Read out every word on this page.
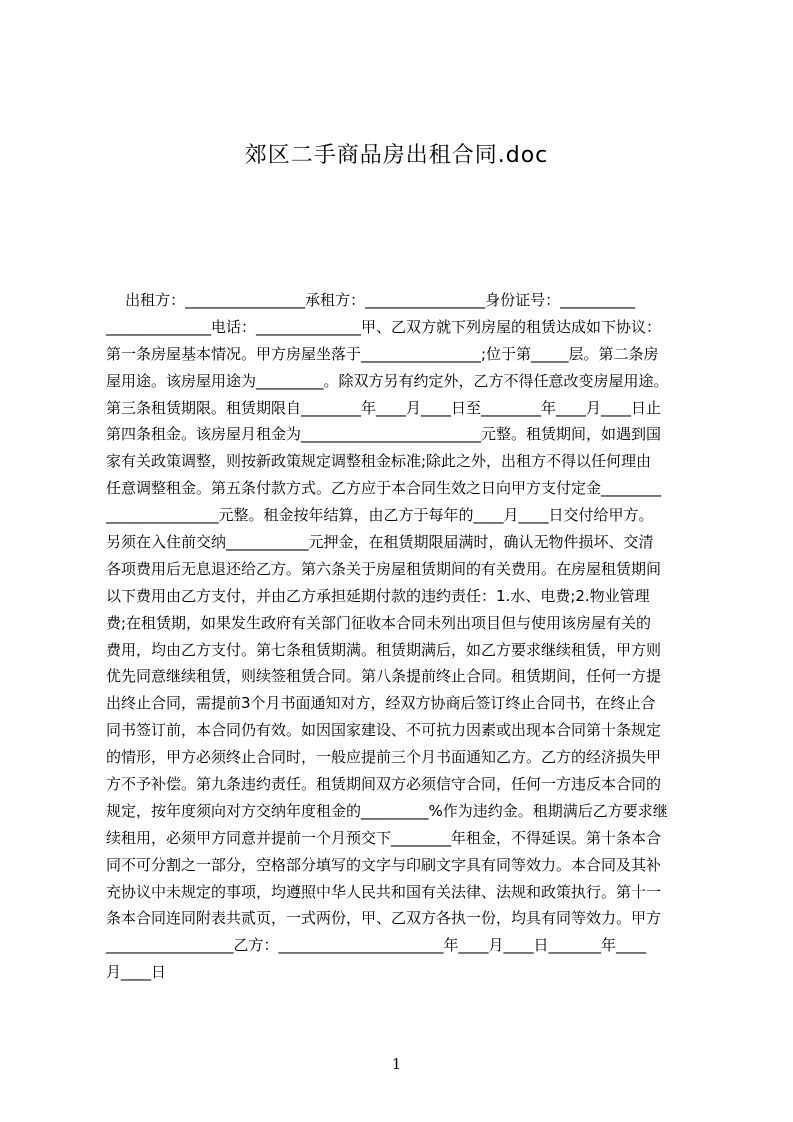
郊区二手商品房出租合同.doc
出租方：________________承租方：________________身份证号：__________
______________电话：______________甲、乙双方就下列房屋的租赁达成如下协议：
第一条房屋基本情况。甲方房屋坐落于________________;位于第_____层。第二条房
屋用途。该房屋用途为_________。除双方另有约定外，乙方不得任意改变房屋用途。
第三条租赁期限。租赁期限自________年____月____日至________年____月____日止
第四条租金。该房屋月租金为________________________元整。租赁期间，如遇到国
家有关政策调整，则按新政策规定调整租金标准;除此之外，出租方不得以任何理由
任意调整租金。第五条付款方式。乙方应于本合同生效之日向甲方支付定金________
_______________元整。租金按年结算，由乙方于每年的____月____日交付给甲方。
另须在入住前交纳___________元押金，在租赁期限届满时，确认无物件损坏、交清
各项费用后无息退还给乙方。第六条关于房屋租赁期间的有关费用。在房屋租赁期间
以下费用由乙方支付，并由乙方承担延期付款的违约责任：1.水、电费;2.物业管理
费;在租赁期，如果发生政府有关部门征收本合同未列出项目但与使用该房屋有关的
费用，均由乙方支付。第七条租赁期满。租赁期满后，如乙方要求继续租赁，甲方则
优先同意继续租赁，则续签租赁合同。第八条提前终止合同。租赁期间，任何一方提
出终止合同，需提前3个月书面通知对方，经双方协商后签订终止合同书，在终止合
同书签订前，本合同仍有效。如因国家建设、不可抗力因素或出现本合同第十条规定
的情形，甲方必须终止合同时，一般应提前三个月书面通知乙方。乙方的经济损失甲
方不予补偿。第九条违约责任。租赁期间双方必须信守合同，任何一方违反本合同的
规定，按年度须向对方交纳年度租金的_________%作为违约金。租期满后乙方要求继
续租用，必须甲方同意并提前一个月预交下________年租金，不得延误。第十条本合
同不可分割之一部分，空格部分填写的文字与印刷文字具有同等效力。本合同及其补
充协议中未规定的事项，均遵照中华人民共和国有关法律、法规和政策执行。第十一
条本合同连同附表共贰页，一式两份，甲、乙双方各执一份，均具有同等效力。甲方
_________________乙方：______________________年____月____日_______年____
月____日
1
